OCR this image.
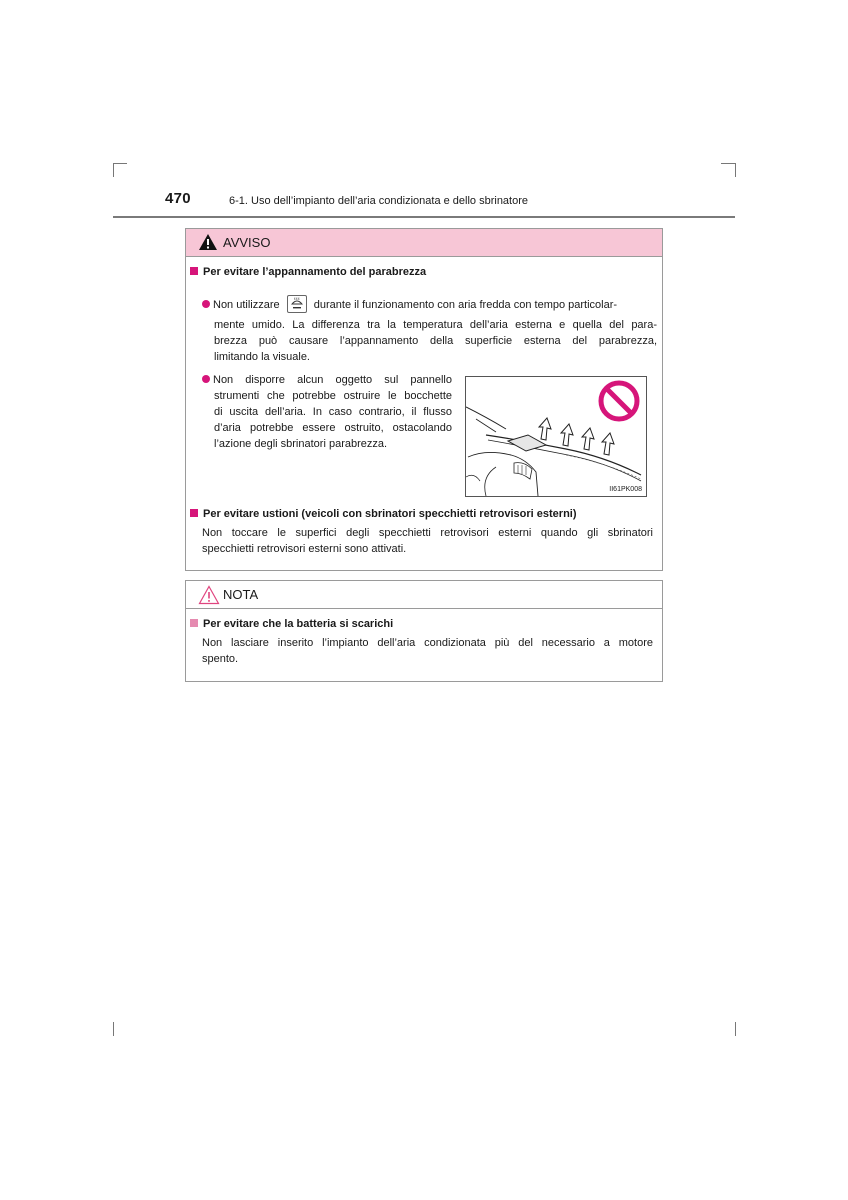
470	6-1. Uso dell’impianto dell’aria condizionata e dello sbrinatore
AVVISO
Per evitare l’appannamento del parabrezza
Non utilizzare	durante il funzionamento con aria fredda con tempo particolar-
mente umido. La differenza tra la temperatura dell’aria esterna e quella del para-
brezza può causare l’appannamento della superficie esterna del parabrezza,
limitando la visuale.
Non disporre alcun oggetto sul pannello
strumenti che potrebbe ostruire le bocchette
di uscita dell’aria. In caso contrario, il flusso
d’aria potrebbe essere ostruito, ostacolando
l’azione degli sbrinatori parabrezza.
II61PK008
Per evitare ustioni (veicoli con sbrinatori specchietti retrovisori esterni)
Non toccare le superfici degli specchietti retrovisori esterni quando gli sbrinatori
specchietti retrovisori esterni sono attivati.
NOTA
Per evitare che la batteria si scarichi
Non lasciare inserito l’impianto dell’aria condizionata più del necessario a motore
spento.
